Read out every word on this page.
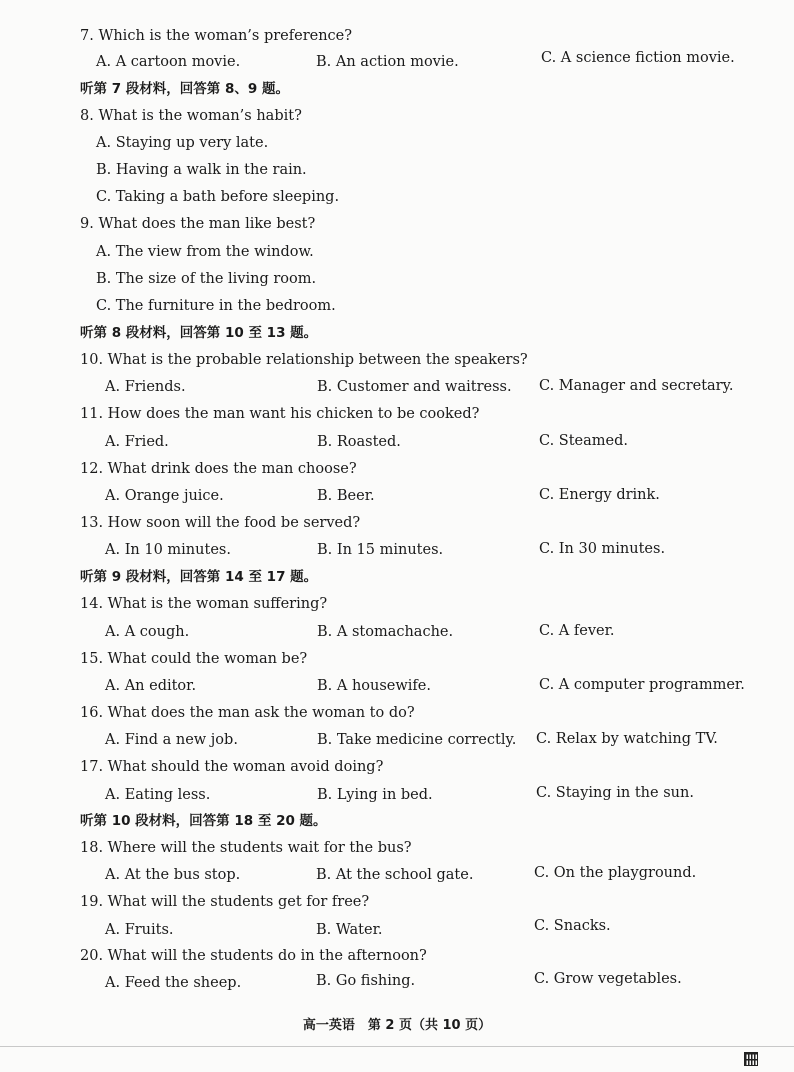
7. Which is the woman’s preference?
A. A cartoon movie.	B. An action movie.	C. A science fiction movie.
听第 7 段材料，回答第 8、9 题。
8. What is the woman’s habit?
A. Staying up very late.
B. Having a walk in the rain.
C. Taking a bath before sleeping.
9. What does the man like best?
A. The view from the window.
B. The size of the living room.
C. The furniture in the bedroom.
听第 8 段材料，回答第 10 至 13 题。
10. What is the probable relationship between the speakers?
A. Friends.	B. Customer and waitress. C. Manager and secretary.
11. How does the man want his chicken to be cooked?
A. Fried.	B. Roasted.	C. Steamed.
12. What drink does the man choose?
A. Orange juice.	B. Beer.	C. Energy drink.
13. How soon will the food be served?
A. In 10 minutes.	B. In 15 minutes.	C. In 30 minutes.
听第 9 段材料，回答第 14 至 17 题。
14. What is the woman suffering?
A. A cough.	B. A stomachache.	C. A fever.
15. What could the woman be?
A. An editor.	B. A housewife.	C. A computer programmer.
16. What does the man ask the woman to do?
A. Find a new job.	B. Take medicine correctly. C. Relax by watching TV.
17. What should the woman avoid doing?
A. Eating less.	B. Lying in bed.	C. Staying in the sun.
听第 10 段材料，回答第 18 至 20 题。
18. Where will the students wait for the bus?
A. At the bus stop.	B. At the school gate.	C. On the playground.
19. What will the students get for free?
A. Fruits.	B. Water.	C. Snacks.
20. What will the students do in the afternoon?
A. Feed the sheep.	B. Go fishing.	C. Grow vegetables.
高一英语　第 2 页（共 10 页）
